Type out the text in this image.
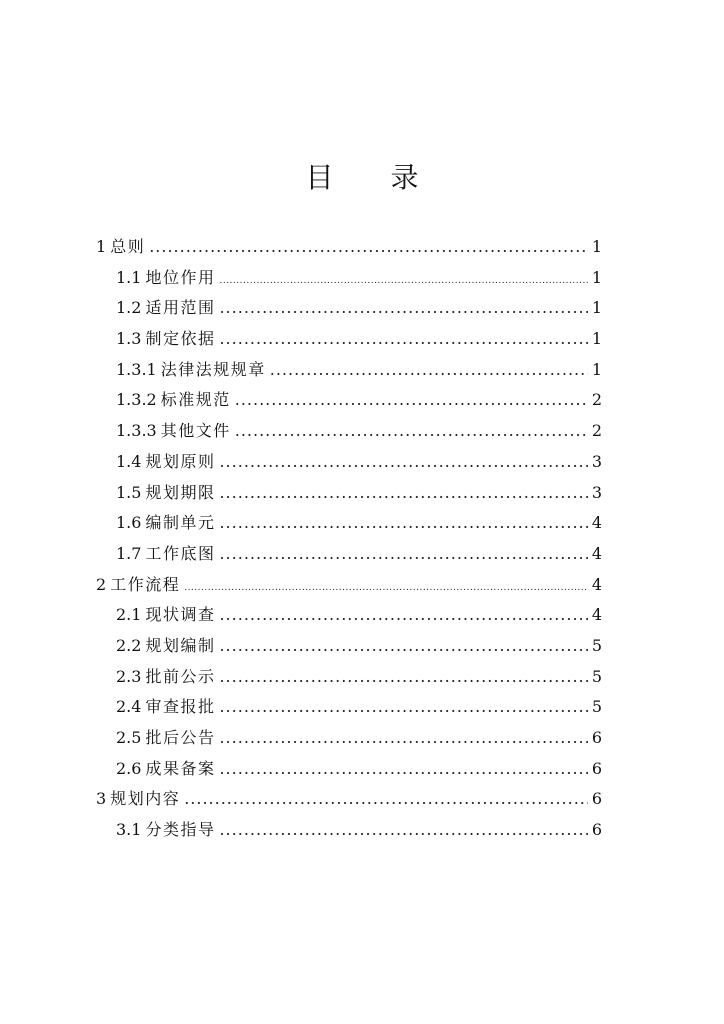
目 录
1 总则 .....	1
1.1 地位作用 .....	1
1.2 适用范围 .....	1
1.3 制定依据 .....	1
1.3.1 法律法规规章 .....	1
1.3.2 标准规范 .....	2
1.3.3 其他文件 .....	2
1.4 规划原则 .....	3
1.5 规划期限 .....	3
1.6 编制单元 .....	4
1.7 工作底图 .....	4
2 工作流程 .....	4
2.1 现状调查 .....	4
2.2 规划编制 .....	5
2.3 批前公示 .....	5
2.4 审查报批 .....	5
2.5 批后公告 .....	6
2.6 成果备案 .....	6
3 规划内容 .....	6
3.1 分类指导 .....	6
